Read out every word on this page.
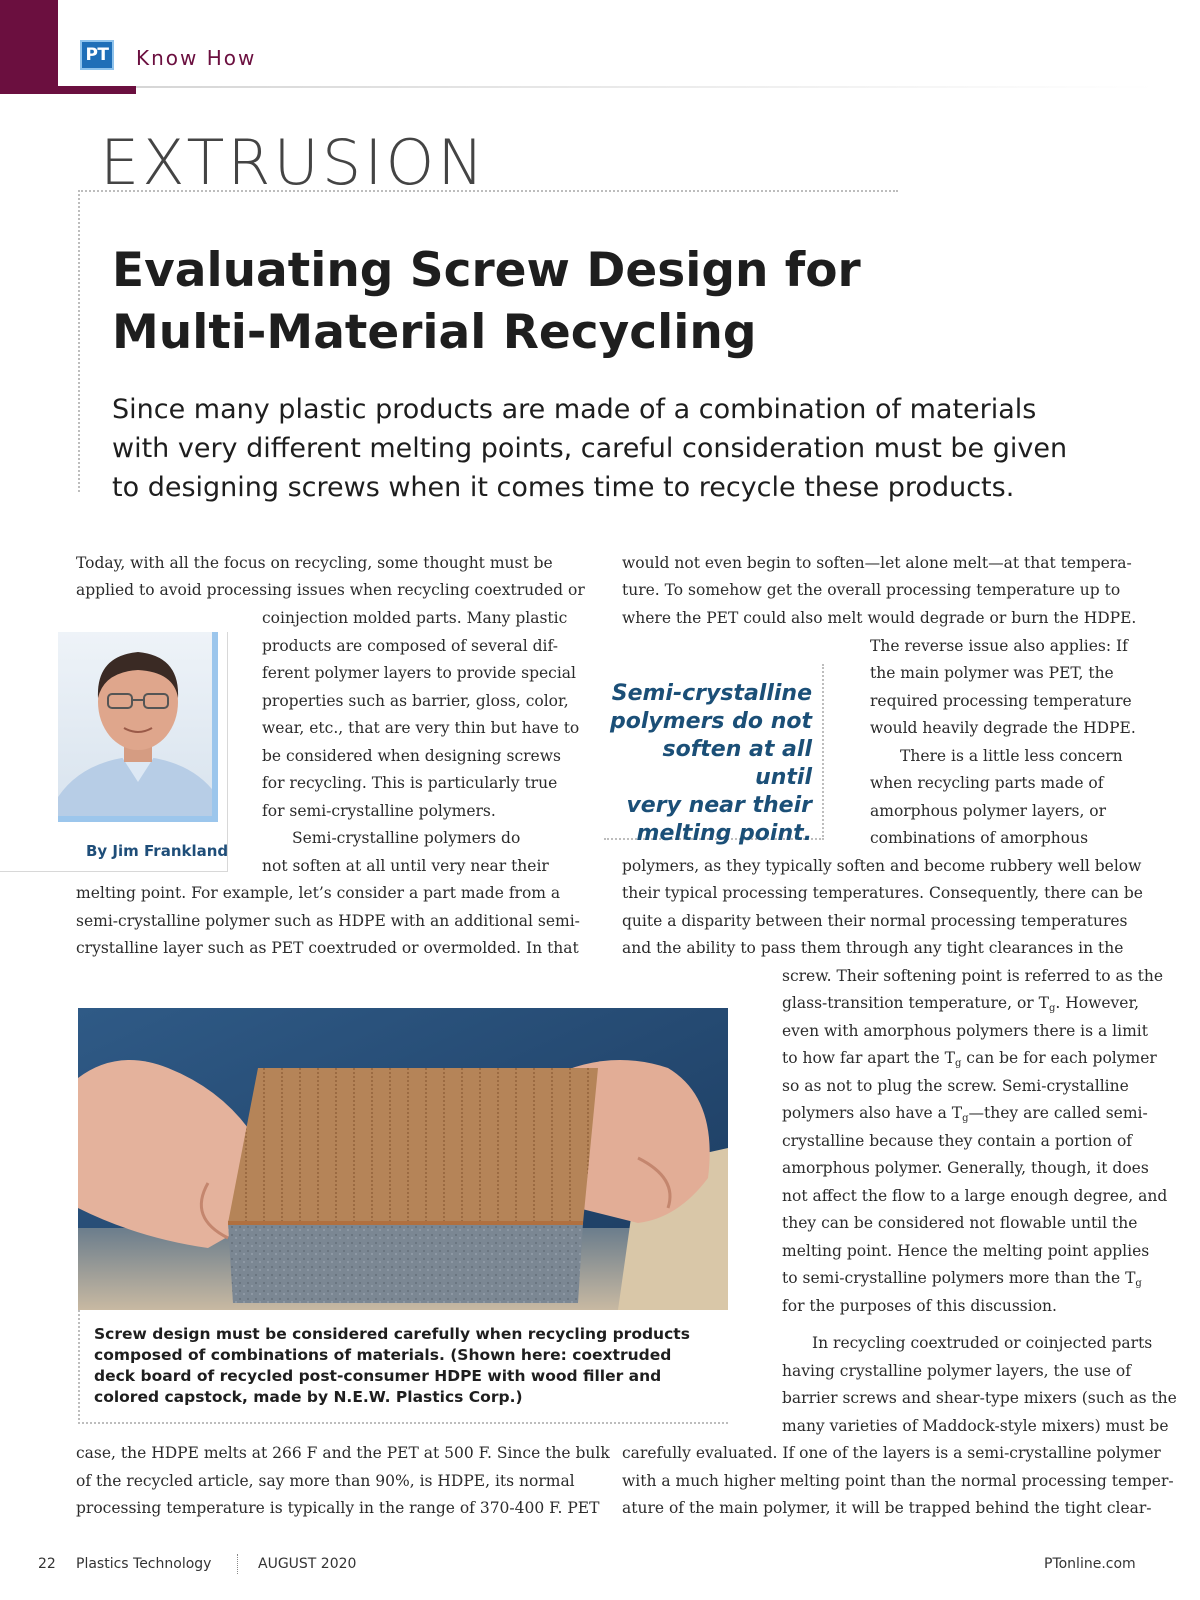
PT Know How
EXTRUSION
Evaluating Screw Design for
Multi-Material Recycling
Since many plastic products are made of a combination of materials
with very different melting points, careful consideration must be given
to designing screws when it comes time to recycle these products.
By Jim Frankland
Today, with all the focus on recycling, some thought must be
applied to avoid processing issues when recycling coextruded or
coinjection molded parts. Many plastic
products are composed of several dif-
ferent polymer layers to provide special
properties such as barrier, gloss, color,
wear, etc., that are very thin but have to
be considered when designing screws
for recycling. This is particularly true
for semi-crystalline polymers.
Semi-crystalline polymers do
not soften at all until very near their
melting point. For example, let’s consider a part made from a
semi-crystalline polymer such as HDPE with an additional semi-
crystalline layer such as PET coextruded or overmolded. In that
Screw design must be considered carefully when recycling products
composed of combinations of materials. (Shown here: coextruded
deck board of recycled post-consumer HDPE with wood filler and
colored capstock, made by N.E.W. Plastics Corp.)
case, the HDPE melts at 266 F and the PET at 500 F. Since the bulk
of the recycled article, say more than 90%, is HDPE, its normal
processing temperature is typically in the range of 370-400 F. PET
Semi-crystalline
polymers do not
soften at all until
very near their
melting point.
would not even begin to soften—let alone melt—at that tempera-
ture. To somehow get the overall processing temperature up to
where the PET could also melt would degrade or burn the HDPE.
The reverse issue also applies: If
the main polymer was PET, the
required processing temperature
would heavily degrade the HDPE.
There is a little less concern
when recycling parts made of
amorphous polymer layers, or
combinations of amorphous
polymers, as they typically soften and become rubbery well below
their typical processing temperatures. Consequently, there can be
quite a disparity between their normal processing temperatures
and the ability to pass them through any tight clearances in the
screw. Their softening point is referred to as the
glass-transition temperature, or $T_g$. However,
even with amorphous polymers there is a limit
to how far apart the $T_g$ can be for each polymer
so as not to plug the screw. Semi-crystalline
polymers also have a $T_g—they$ are called semi-
crystalline because they contain a portion of
amorphous polymer. Generally, though, it does
not affect the flow to a large enough degree, and
they can be considered not flowable until the
melting point. Hence the melting point applies
to semi-crystalline polymers more than the $T_g$
for the purposes of this discussion.
In recycling coextruded or coinjected parts
having crystalline polymer layers, the use of
barrier screws and shear-type mixers (such as the
many varieties of Maddock-style mixers) must be
carefully evaluated. If one of the layers is a semi-crystalline polymer
with a much higher melting point than the normal processing temper-
ature of the main polymer, it will be trapped behind the tight clear-
22 Plastics Technology	AUGUST 2020	PTonline.com
